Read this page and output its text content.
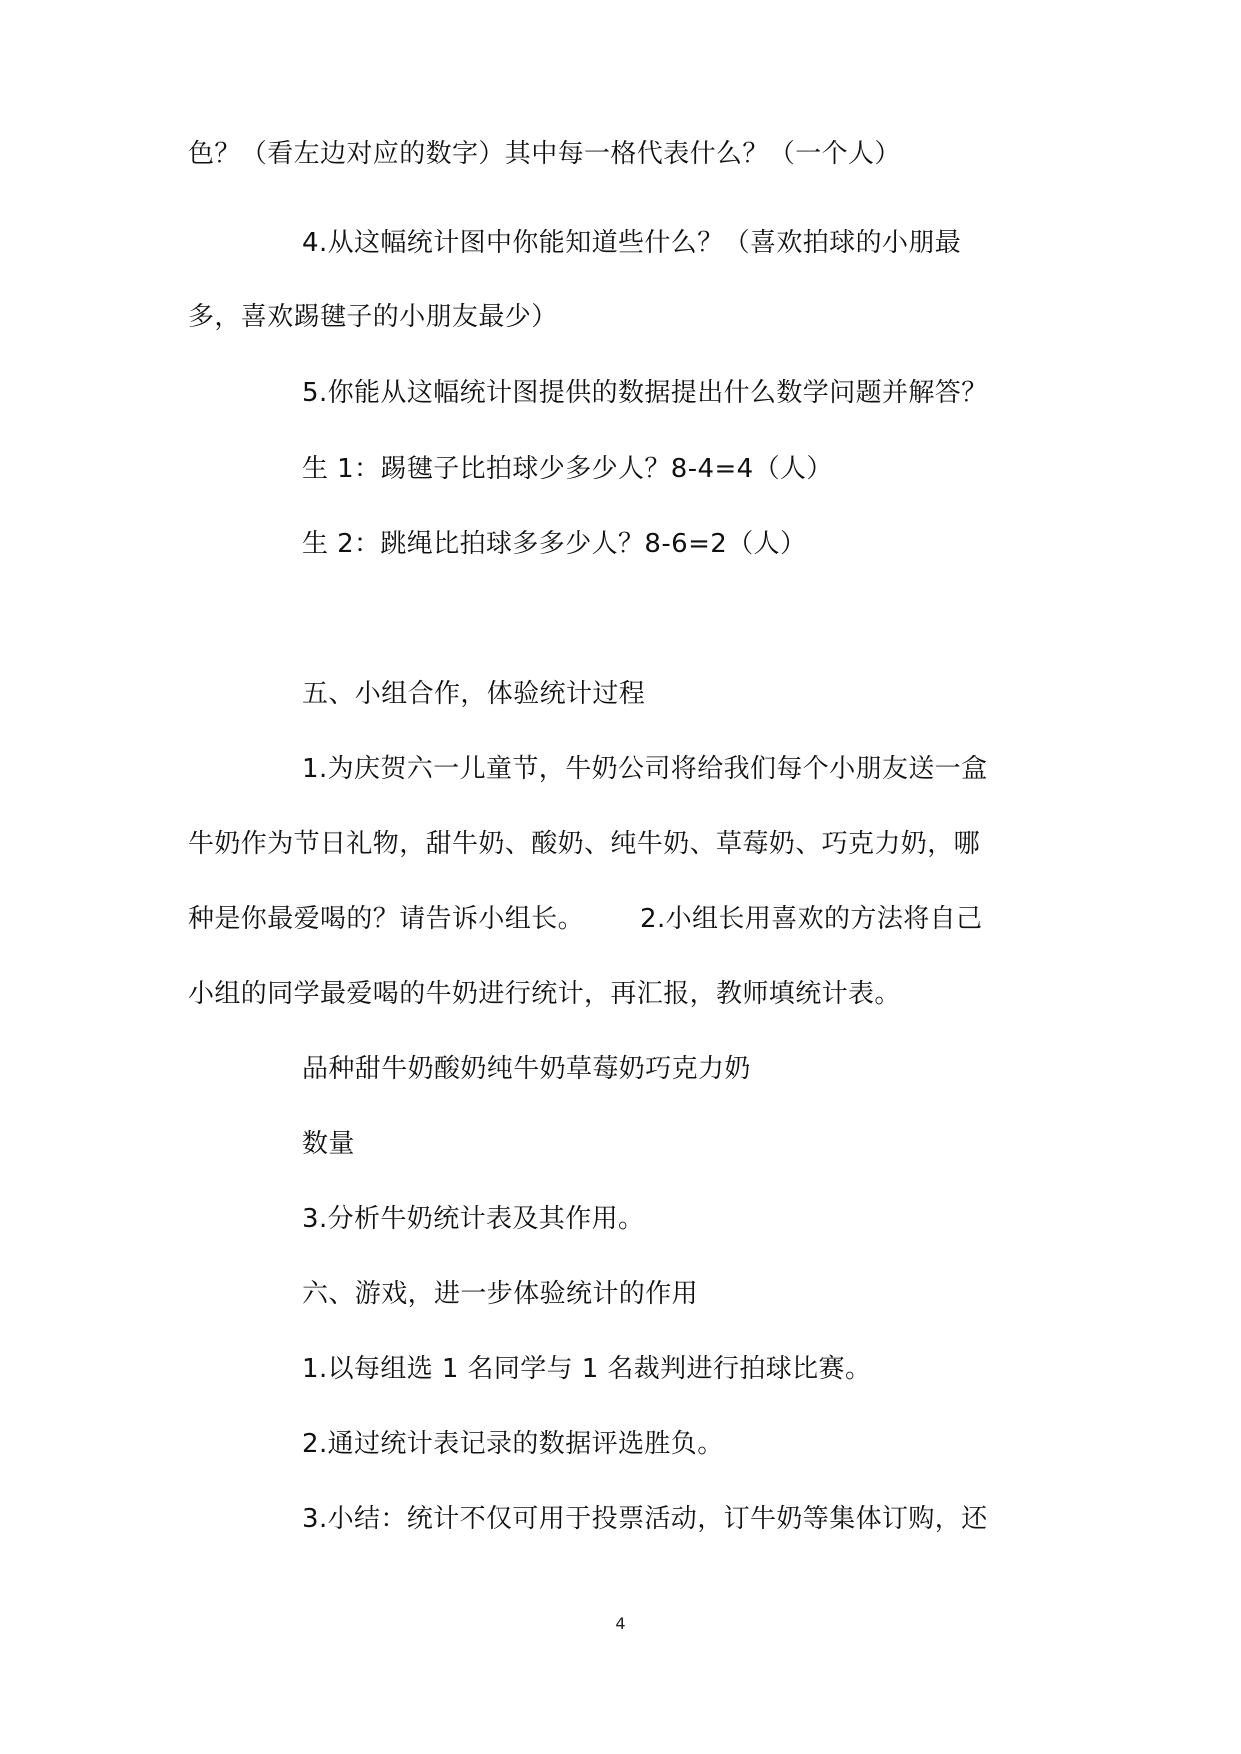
色？（看左边对应的数字）其中每一格代表什么？（一个人）
4.从这幅统计图中你能知道些什么？（喜欢拍球的小朋最
多，喜欢踢毽子的小朋友最少）
5.你能从这幅统计图提供的数据提出什么数学问题并解答？
生 1：踢毽子比拍球少多少人？8-4=4（人）
生 2：跳绳比拍球多多少人？8-6=2（人）
五、小组合作，体验统计过程
1.为庆贺六一儿童节，牛奶公司将给我们每个小朋友送一盒
牛奶作为节日礼物，甜牛奶、酸奶、纯牛奶、草莓奶、巧克力奶，哪
种是你最爱喝的？请告诉小组长。 2.小组长用喜欢的方法将自己
小组的同学最爱喝的牛奶进行统计，再汇报，教师填统计表。
品种甜牛奶酸奶纯牛奶草莓奶巧克力奶
数量
3.分析牛奶统计表及其作用。
六、游戏，进一步体验统计的作用
1.以每组选 1 名同学与 1 名裁判进行拍球比赛。
2.通过统计表记录的数据评选胜负。
3.小结：统计不仅可用于投票活动，订牛奶等集体订购，还
4
